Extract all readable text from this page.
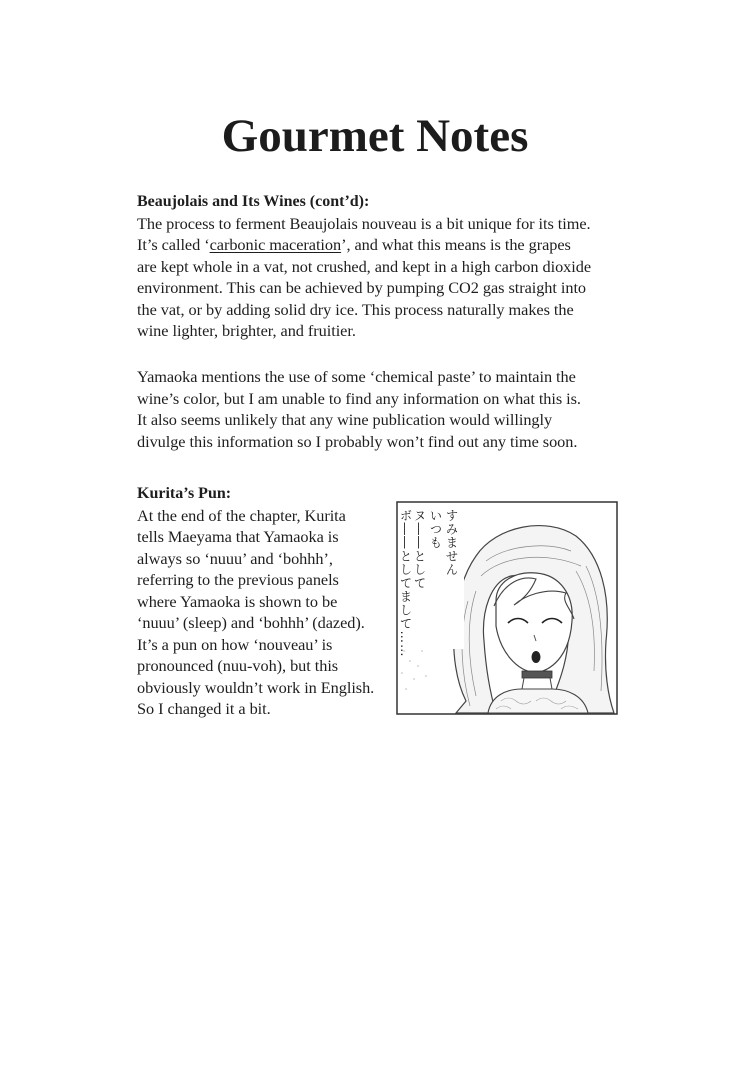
Gourmet Notes

Beaujolais and Its Wines (cont’d):

The process to ferment Beaujolais nouveau is a bit unique for its time.
It’s called ‘carbonic maceration’, and what this means is the grapes
are kept whole in a vat, not crushed, and kept in a high carbon dioxide
environment. This can be achieved by pumping CO2 gas straight into
the vat, or by adding solid dry ice. This process naturally makes the
wine lighter, brighter, and fruitier.

Yamaoka mentions the use of some ‘chemical paste’ to maintain the
wine’s color, but I am unable to find any information on what this is.
It also seems unlikely that any wine publication would willingly
divulge this information so I probably won’t find out any time soon.

Kurita’s Pun:

At the end of the chapter, Kurita
tells Maeyama that Yamaoka is
always so ‘nuuu’ and ‘bohhh’,
referring to the previous panels
where Yamaoka is shown to be
‘nuuu’ (sleep) and ‘bohhh’ (dazed).
It’s a pun on how ‘nouveau’ is
pronounced (nuu-voh), but this
obviously wouldn’t work in English.
So I changed it a bit.

すみません
いつも
ヌ――として
ボ――としてまして……
